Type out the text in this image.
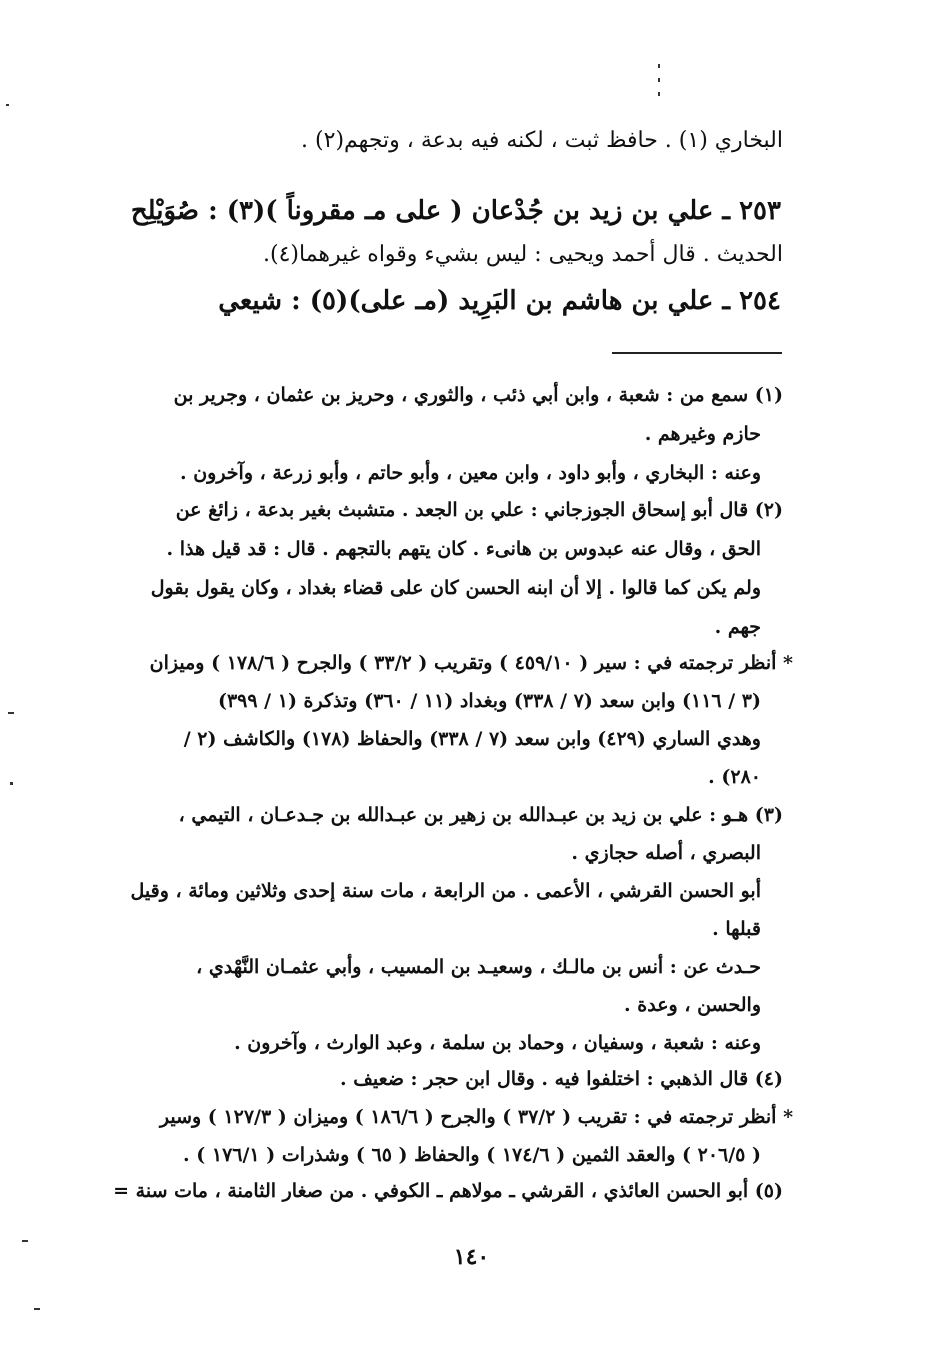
البخاري (١) . حافظ ثبت ، لكنه فيه بدعة ، وتجهم(٢) .

٢٥٣ ـ علي بن زيد بن جُدْعان ( على مـ مقروناً )(٣) : صُوَيْلِح

الحديث . قال أحمد ويحيى : ليس بشيء وقواه غيرهما(٤).

٢٥٤ ـ علي بن هاشم بن البَرِيد (مـ على)(٥) : شيعي

(١) سمع من : شعبة ، وابن أبي ذئب ، والثوري ، وحريز بن عثمان ، وجرير بن

حازم وغيرهم .

وعنه : البخاري ، وأبو داود ، وابن معين ، وأبو حاتم ، وأبو زرعة ، وآخرون .

(٢) قال أبو إسحاق الجوزجاني : علي بن الجعد . متشبث بغير بدعة ، زائغ عن

الحق ، وقال عنه عبدوس بن هانىء . كان يتهم بالتجهم . قال : قد قيل هذا .

ولم يكن كما قالوا . إلا أن ابنه الحسن كان على قضاء بغداد ، وكان يقول بقول

جهم .

* أنظر ترجمته في : سير ( ٤٥٩/١٠ ) وتقريب ( ٣٣/٢ ) والجرح ( ١٧٨/٦ ) وميزان

(٣ / ١١٦) وابن سعد (٧ / ٣٣٨) وبغداد (١١ / ٣٦٠) وتذكرة (١ / ٣٩٩)

وهدي الساري (٤٢٩) وابن سعد (٧ / ٣٣٨) والحفاظ (١٧٨) والكاشف (٢ /

٢٨٠) .

(٣) هـو : علي بن زيد بن عبـدالله بن زهير بن عبـدالله بن جـدعـان ، التيمي ،

البصري ، أصله حجازي .

أبو الحسن القرشي ، الأعمى . من الرابعة ، مات سنة إحدى وثلاثين ومائة ، وقيل

قبلها .

حـدث عن : أنس بن مالـك ، وسعيـد بن المسيب ، وأبي عثمـان النَّهْدي ،

والحسن ، وعدة .

وعنه : شعبة ، وسفيان ، وحماد بن سلمة ، وعبد الوارث ، وآخرون .

(٤) قال الذهبي : اختلفوا فيه . وقال ابن حجر : ضعيف .

* أنظر ترجمته في : تقريب ( ٣٧/٢ ) والجرح ( ١٨٦/٦ ) وميزان ( ١٢٧/٣ ) وسير

( ٢٠٦/٥ ) والعقد الثمين ( ١٧٤/٦ ) والحفاظ ( ٦٥ ) وشذرات ( ١٧٦/١ ) .

(٥) أبو الحسن العائذي ، القرشي ـ مولاهم ـ الكوفي . من صغار الثامنة ، مات سنة =

١٤٠
